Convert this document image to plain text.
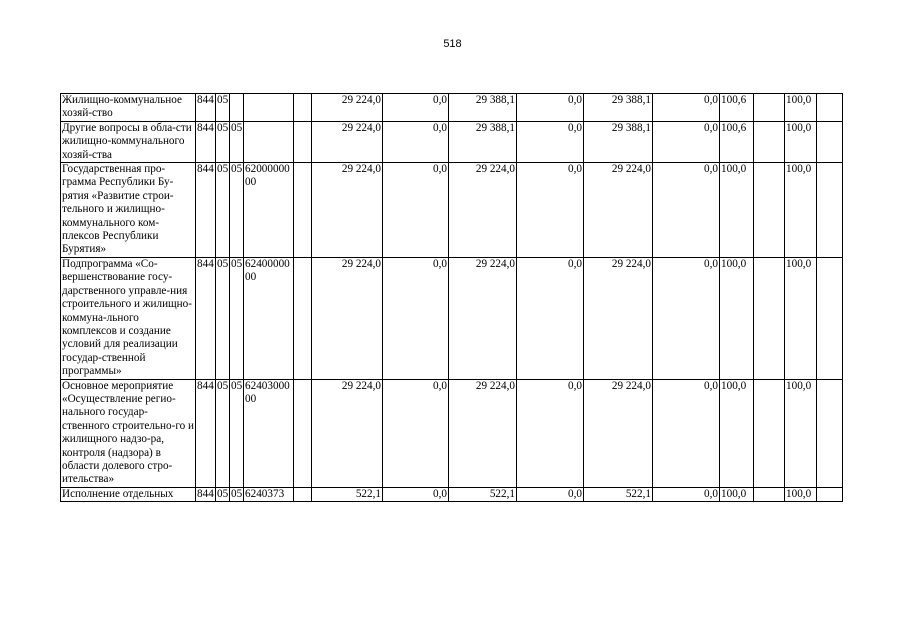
518
Жилищно-коммунальное хозяй-ство	844	05				29 224,0	0,0	29 388,1	0,0	29 388,1	0,0	100,6		100,0	
Другие вопросы в обла-сти жилищно-коммунального хозяй-ства	844	05	05			29 224,0	0,0	29 388,1	0,0	29 388,1	0,0	100,6		100,0	
Государственная про-грамма Республики Бу-рятия «Развитие строи-тельного и жилищно-коммунального ком-плексов Республики Бурятия»	844	05	05	6200000000		29 224,0	0,0	29 224,0	0,0	29 224,0	0,0	100,0		100,0	
Подпрограмма «Со-вершенствование госу-дарственного управле-ния строительного и жилищно-коммуна-льного комплексов и создание условий для реализации государ-ственной программы»	844	05	05	6240000000		29 224,0	0,0	29 224,0	0,0	29 224,0	0,0	100,0		100,0	
Основное мероприятие «Осуществление регио-нального государ-ственного строительно-го и жилищного надзо-ра, контроля (надзора) в области долевого стро-ительства»	844	05	05	6240300000		29 224,0	0,0	29 224,0	0,0	29 224,0	0,0	100,0		100,0	
Исполнение отдельных	844	05	05	6240373		522,1	0,0	522,1	0,0	522,1	0,0	100,0		100,0	
